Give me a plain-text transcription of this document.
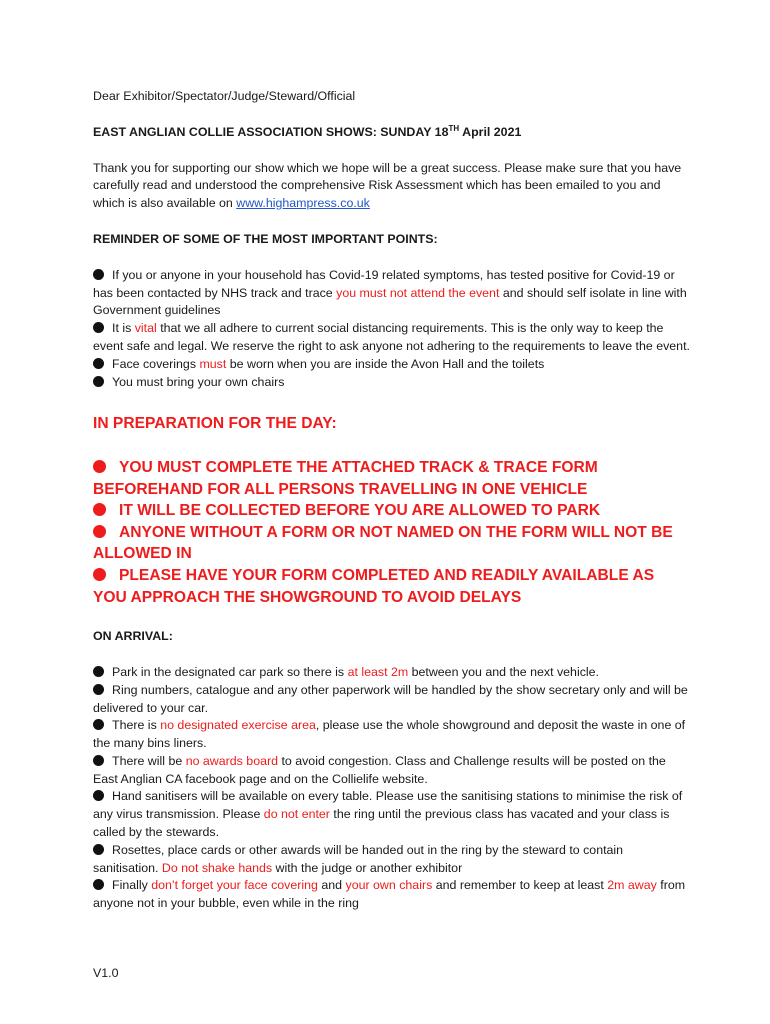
Dear Exhibitor/Spectator/Judge/Steward/Official

EAST ANGLIAN COLLIE ASSOCIATION SHOWS: SUNDAY 18TH April 2021

Thank you for supporting our show which we hope will be a great success. Please make sure that you have carefully read and understood the comprehensive Risk Assessment which has been emailed to you and which is also available on www.highampress.co.uk

REMINDER OF SOME OF THE MOST IMPORTANT POINTS:

If you or anyone in your household has Covid-19 related symptoms, has tested positive for Covid-19 or has been contacted by NHS track and trace you must not attend the event and should self isolate in line with Government guidelines

It is vital that we all adhere to current social distancing requirements. This is the only way to keep the event safe and legal. We reserve the right to ask anyone not adhering to the requirements to leave the event.

Face coverings must be worn when you are inside the Avon Hall and the toilets

You must bring your own chairs

IN PREPARATION FOR THE DAY:

YOU MUST COMPLETE THE ATTACHED TRACK & TRACE FORM BEFOREHAND FOR ALL PERSONS TRAVELLING IN ONE VEHICLE

IT WILL BE COLLECTED BEFORE YOU ARE ALLOWED TO PARK

ANYONE WITHOUT A FORM OR NOT NAMED ON THE FORM WILL NOT BE ALLOWED IN

PLEASE HAVE YOUR FORM COMPLETED AND READILY AVAILABLE AS YOU APPROACH THE SHOWGROUND TO AVOID DELAYS

ON ARRIVAL:

Park in the designated car park so there is at least 2m between you and the next vehicle.

Ring numbers, catalogue and any other paperwork will be handled by the show secretary only and will be delivered to your car.

There is no designated exercise area, please use the whole showground and deposit the waste in one of the many bins liners.

There will be no awards board to avoid congestion. Class and Challenge results will be posted on the East Anglian CA facebook page and on the Collielife website.

Hand sanitisers will be available on every table. Please use the sanitising stations to minimise the risk of any virus transmission. Please do not enter the ring until the previous class has vacated and your class is called by the stewards.

Rosettes, place cards or other awards will be handed out in the ring by the steward to contain sanitisation. Do not shake hands with the judge or another exhibitor

Finally don’t forget your face covering and your own chairs and remember to keep at least 2m away from anyone not in your bubble, even while in the ring

V1.0
